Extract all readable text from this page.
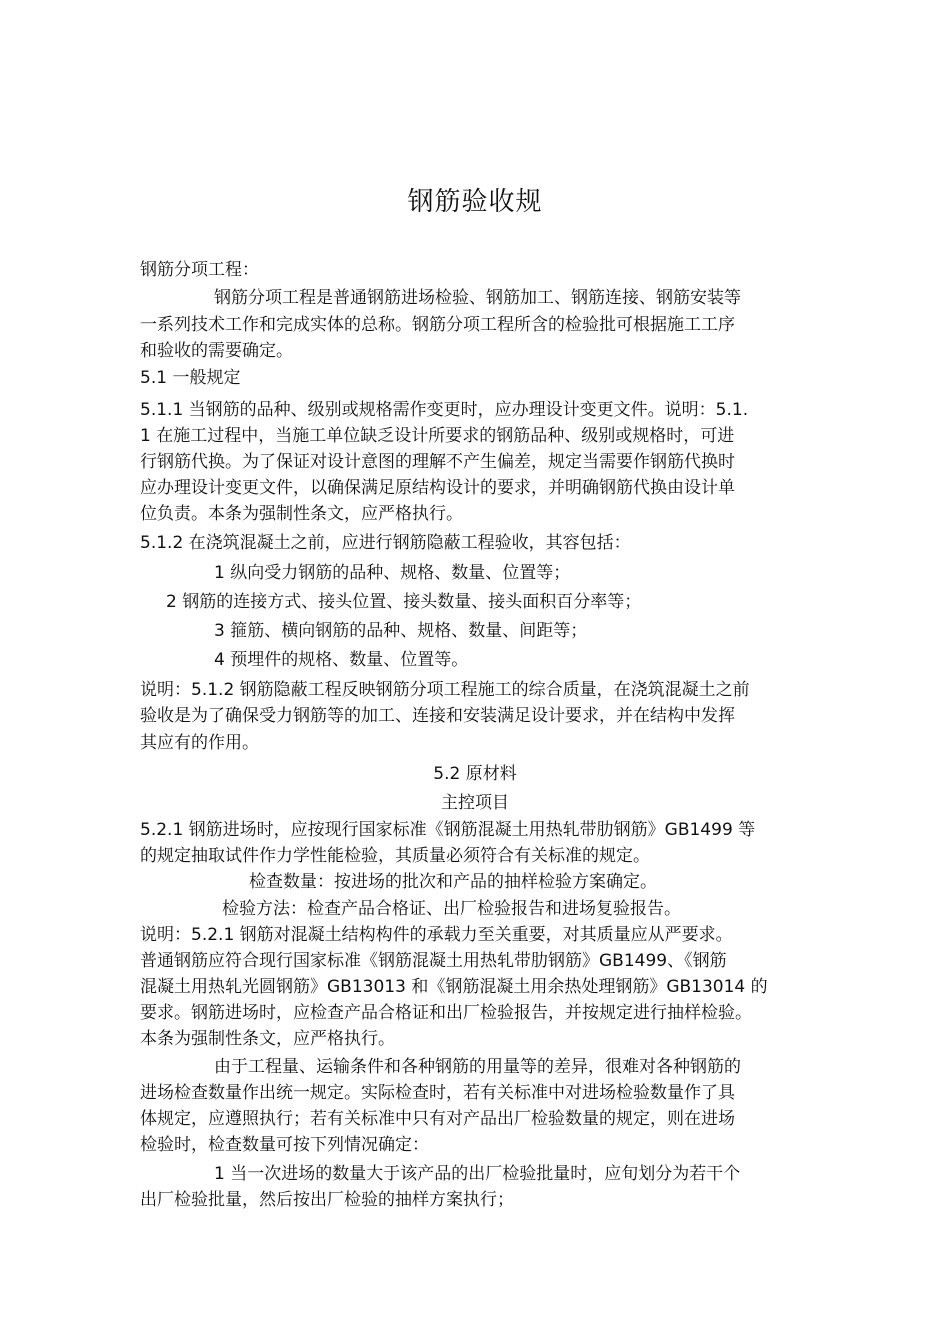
钢筋验收规
钢筋分项工程：
钢筋分项工程是普通钢筋进场检验、钢筋加工、钢筋连接、钢筋安装等
一系列技术工作和完成实体的总称。钢筋分项工程所含的检验批可根据施工工序
和验收的需要确定。
5.1 一般规定
5.1.1 当钢筋的品种、级别或规格需作变更时，应办理设计变更文件。说明：5.1.
1 在施工过程中，当施工单位缺乏设计所要求的钢筋品种、级别或规格时，可进
行钢筋代换。为了保证对设计意图的理解不产生偏差，规定当需要作钢筋代换时
应办理设计变更文件，以确保满足原结构设计的要求，并明确钢筋代换由设计单
位负责。本条为强制性条文，应严格执行。
5.1.2 在浇筑混凝土之前，应进行钢筋隐蔽工程验收，其容包括：
1 纵向受力钢筋的品种、规格、数量、位置等；
2 钢筋的连接方式、接头位置、接头数量、接头面积百分率等；
3 箍筋、横向钢筋的品种、规格、数量、间距等；
4 预埋件的规格、数量、位置等。
说明：5.1.2 钢筋隐蔽工程反映钢筋分项工程施工的综合质量，在浇筑混凝土之前
验收是为了确保受力钢筋等的加工、连接和安装满足设计要求，并在结构中发挥
其应有的作用。
5.2 原材料
主控项目
5.2.1 钢筋进场时，应按现行国家标准《钢筋混凝土用热轧带肋钢筋》GB1499 等
的规定抽取试件作力学性能检验，其质量必须符合有关标准的规定。
检查数量：按进场的批次和产品的抽样检验方案确定。
检验方法：检查产品合格证、出厂检验报告和进场复验报告。
说明：5.2.1 钢筋对混凝土结构构件的承载力至关重要，对其质量应从严要求。
普通钢筋应符合现行国家标准《钢筋混凝土用热轧带肋钢筋》GB1499、《钢筋
混凝土用热轧光圆钢筋》GB13013 和《钢筋混凝土用余热处理钢筋》GB13014 的
要求。钢筋进场时，应检查产品合格证和出厂检验报告，并按规定进行抽样检验。
本条为强制性条文，应严格执行。
由于工程量、运输条件和各种钢筋的用量等的差异，很难对各种钢筋的
进场检查数量作出统一规定。实际检查时，若有关标准中对进场检验数量作了具
体规定，应遵照执行；若有关标准中只有对产品出厂检验数量的规定，则在进场
检验时，检查数量可按下列情况确定：
1 当一次进场的数量大于该产品的出厂检验批量时，应旬划分为若干个
出厂检验批量，然后按出厂检验的抽样方案执行；
